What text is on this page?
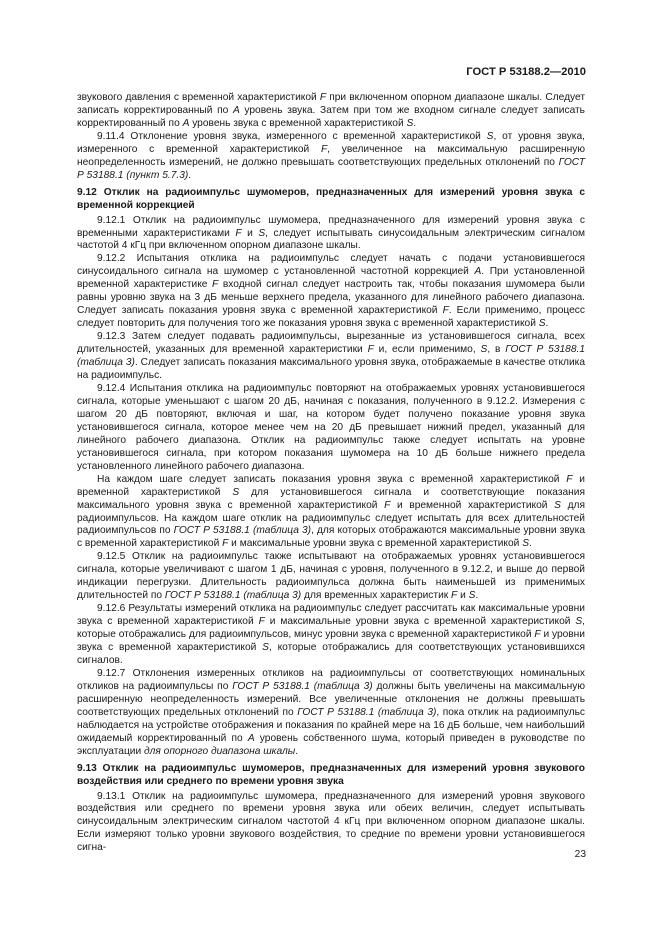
ГОСТ Р 53188.2—2010

звукового давления с временной характеристикой F при включенном опорном диапазоне шкалы. Следует записать корректированный по A уровень звука. Затем при том же входном сигнале следует записать корректированный по A уровень звука с временной характеристикой S.

9.11.4 Отклонение уровня звука, измеренного с временной характеристикой S, от уровня звука, измеренного с временной характеристикой F, увеличенное на максимальную расширенную неопределенность измерений, не должно превышать соответствующих предельных отклонений по ГОСТ Р 53188.1 (пункт 5.7.3).

9.12 Отклик на радиоимпульс шумомеров, предназначенных для измерений уровня звука с временной коррекцией

9.12.1 Отклик на радиоимпульс шумомера, предназначенного для измерений уровня звука с временными характеристиками F и S, следует испытывать синусоидальным электрическим сигналом частотой 4 кГц при включенном опорном диапазоне шкалы.

9.12.2 Испытания отклика на радиоимпульс следует начать с подачи установившегося синусоидального сигнала на шумомер с установленной частотной коррекцией A. При установленной временной характеристике F входной сигнал следует настроить так, чтобы показания шумомера были равны уровню звука на 3 дБ меньше верхнего предела, указанного для линейного рабочего диапазона. Следует записать показания уровня звука с временной характеристикой F. Если применимо, процесс следует повторить для получения того же показания уровня звука с временной характеристикой S.

9.12.3 Затем следует подавать радиоимпульсы, вырезанные из установившегося сигнала, всех длительностей, указанных для временной характеристики F и, если применимо, S, в ГОСТ Р 53188.1 (таблица 3). Следует записать показания максимального уровня звука, отображаемые в качестве отклика на радиоимпульс.

9.12.4 Испытания отклика на радиоимпульс повторяют на отображаемых уровнях установившегося сигнала, которые уменьшают с шагом 20 дБ, начиная с показания, полученного в 9.12.2. Измерения с шагом 20 дБ повторяют, включая и шаг, на котором будет получено показание уровня звука установившегося сигнала, которое менее чем на 20 дБ превышает нижний предел, указанный для линейного рабочего диапазона. Отклик на радиоимпульс также следует испытать на уровне установившегося сигнала, при котором показания шумомера на 10 дБ больше нижнего предела установленного линейного рабочего диапазона.

На каждом шаге следует записать показания уровня звука с временной характеристикой F и временной характеристикой S для установившегося сигнала и соответствующие показания максимального уровня звука с временной характеристикой F и временной характеристикой S для радиоимпульсов. На каждом шаге отклик на радиоимпульс следует испытать для всех длительностей радиоимпульсов по ГОСТ Р 53188.1 (таблица 3), для которых отображаются максимальные уровни звука с временной характеристикой F и максимальные уровни звука с временной характеристикой S.

9.12.5 Отклик на радиоимпульс также испытывают на отображаемых уровнях установившегося сигнала, которые увеличивают с шагом 1 дБ, начиная с уровня, полученного в 9.12.2, и выше до первой индикации перегрузки. Длительность радиоимпульса должна быть наименьшей из применимых длительностей по ГОСТ Р 53188.1 (таблица 3) для временных характеристик F и S.

9.12.6 Результаты измерений отклика на радиоимпульс следует рассчитать как максимальные уровни звука с временной характеристикой F и максимальные уровни звука с временной характеристикой S, которые отображались для радиоимпульсов, минус уровни звука с временной характеристикой F и уровни звука с временной характеристикой S, которые отображались для соответствующих установившихся сигналов.

9.12.7 Отклонения измеренных откликов на радиоимпульсы от соответствующих номинальных откликов на радиоимпульсы по ГОСТ Р 53188.1 (таблица 3) должны быть увеличены на максимальную расширенную неопределенность измерений. Все увеличенные отклонения не должны превышать соответствующих предельных отклонений по ГОСТ Р 53188.1 (таблица 3), пока отклик на радиоимпульс наблюдается на устройстве отображения и показания по крайней мере на 16 дБ больше, чем наибольший ожидаемый корректированный по A уровень собственного шума, который приведен в руководстве по эксплуатации для опорного диапазона шкалы.

9.13 Отклик на радиоимпульс шумомеров, предназначенных для измерений уровня звукового воздействия или среднего по времени уровня звука

9.13.1 Отклик на радиоимпульс шумомера, предназначенного для измерений уровня звукового воздействия или среднего по времени уровня звука или обеих величин, следует испытывать синусоидальным электрическим сигналом частотой 4 кГц при включенном опорном диапазоне шкалы. Если измеряют только уровни звукового воздействия, то средние по времени уровни установившегося сигна-

23
